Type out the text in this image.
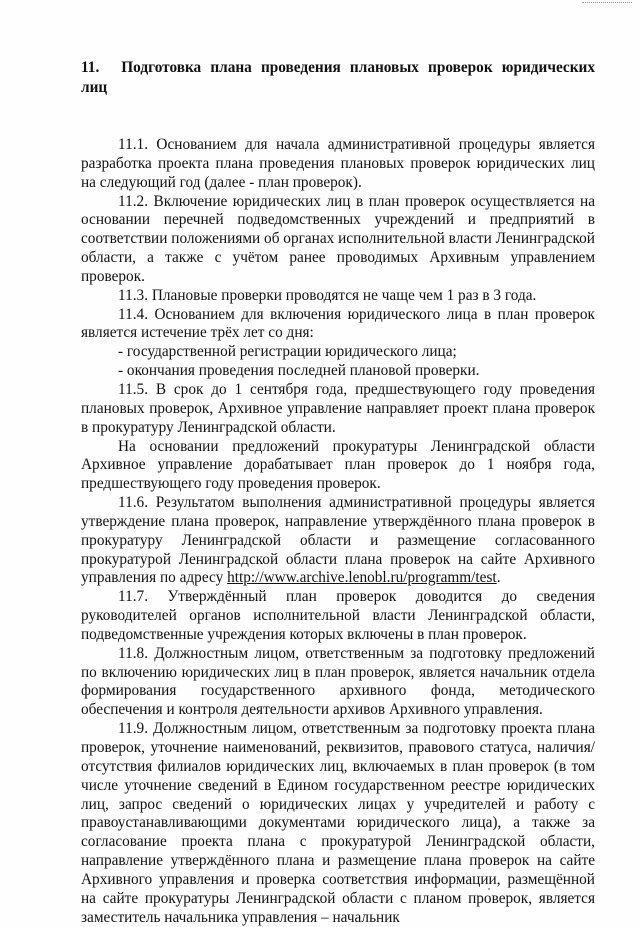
11. Подготовка плана проведения плановых проверок юридических лиц

11.1. Основанием для начала административной процедуры является разработка проекта плана проведения плановых проверок юридических лиц на следующий год (далее - план проверок).

11.2. Включение юридических лиц в план проверок осуществляется на основании перечней подведомственных учреждений и предприятий в соответствии положениями об органах исполнительной власти Ленинградской области, а также с учётом ранее проводимых Архивным управлением проверок.

11.3. Плановые проверки проводятся не чаще чем 1 раз в 3 года.

11.4. Основанием для включения юридического лица в план проверок является истечение трёх лет со дня:

- государственной регистрации юридического лица;

- окончания проведения последней плановой проверки.

11.5. В срок до 1 сентября года, предшествующего году проведения плановых проверок, Архивное управление направляет проект плана проверок в прокуратуру Ленинградской области.

На основании предложений прокуратуры Ленинградской области Архивное управление дорабатывает план проверок до 1 ноября года, предшествующего году проведения проверок.

11.6. Результатом выполнения административной процедуры является утверждение плана проверок, направление утверждённого плана проверок в прокуратуру Ленинградской области и размещение согласованного прокуратурой Ленинградской области плана проверок на сайте Архивного управления по адресу http://www.archive.lenobl.ru/programm/test.

11.7. Утверждённый план проверок доводится до сведения руководителей органов исполнительной власти Ленинградской области, подведомственные учреждения которых включены в план проверок.

11.8. Должностным лицом, ответственным за подготовку предложений по включению юридических лиц в план проверок, является начальник отдела формирования государственного архивного фонда, методического обеспечения и контроля деятельности архивов Архивного управления.

11.9. Должностным лицом, ответственным за подготовку проекта плана проверок, уточнение наименований, реквизитов, правового статуса, наличия/отсутствия филиалов юридических лиц, включаемых в план проверок (в том числе уточнение сведений в Едином государственном реестре юридических лиц, запрос сведений о юридических лицах у учредителей и работу с правоустанавливающими документами юридического лица), а также за согласование проекта плана с прокуратурой Ленинградской области, направление утверждённого плана и размещение плана проверок на сайте Архивного управления и проверка соответствия информации, размещённой на сайте прокуратуры Ленинградской области с планом проверок, является заместитель начальника управления – начальник
